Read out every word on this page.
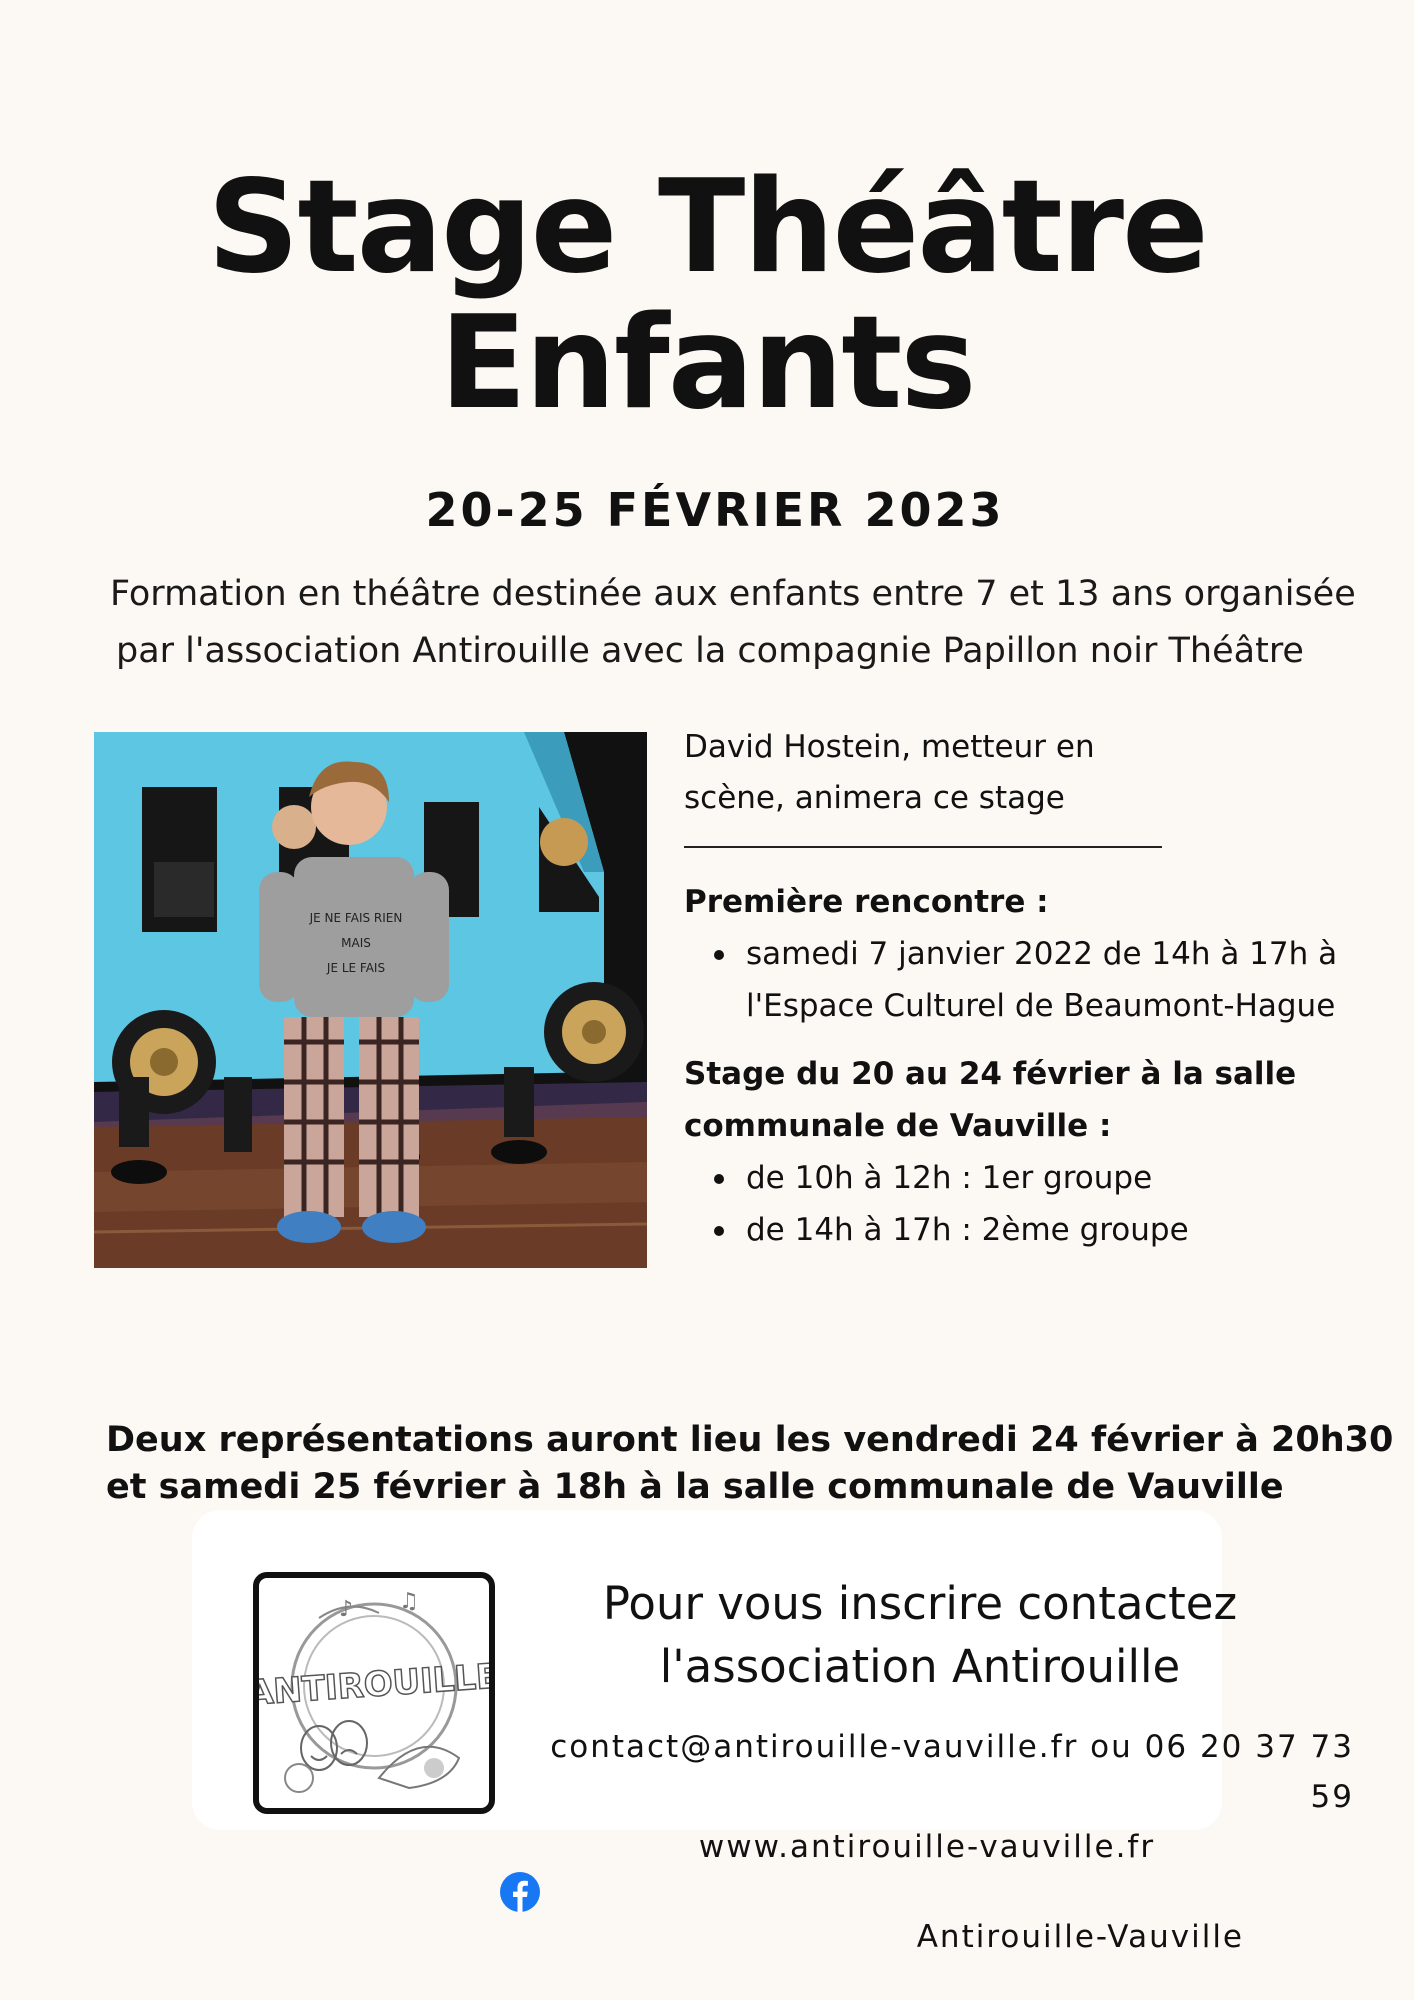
Stage Théâtre
Enfants

20-25 FÉVRIER 2023

Formation en théâtre destinée aux enfants entre 7 et 13 ans organisée
par l'association Antirouille avec la compagnie Papillon noir Théâtre

JE NE FAIS RIEN
MAIS
JE LE FAIS

David Hostein, metteur en scène, animera ce stage

Première rencontre :

samedi 7 janvier 2022 de 14h à 17h à l'Espace Culturel de Beaumont-Hague

Stage du 20 au 24 février à la salle communale de Vauville :

de 10h à 12h : 1er groupe
de 14h à 17h : 2ème groupe

Deux représentations auront lieu les vendredi 24 février à 20h30
et samedi 25 février à 18h à la salle communale de Vauville

♪ ♫
ANTIROUILLE

Pour vous inscrire contactez
l'association Antirouille

contact@antirouille-vauville.fr ou 06 20 37 73 59
www.antirouille-vauville.fr
Antirouille-Vauville
